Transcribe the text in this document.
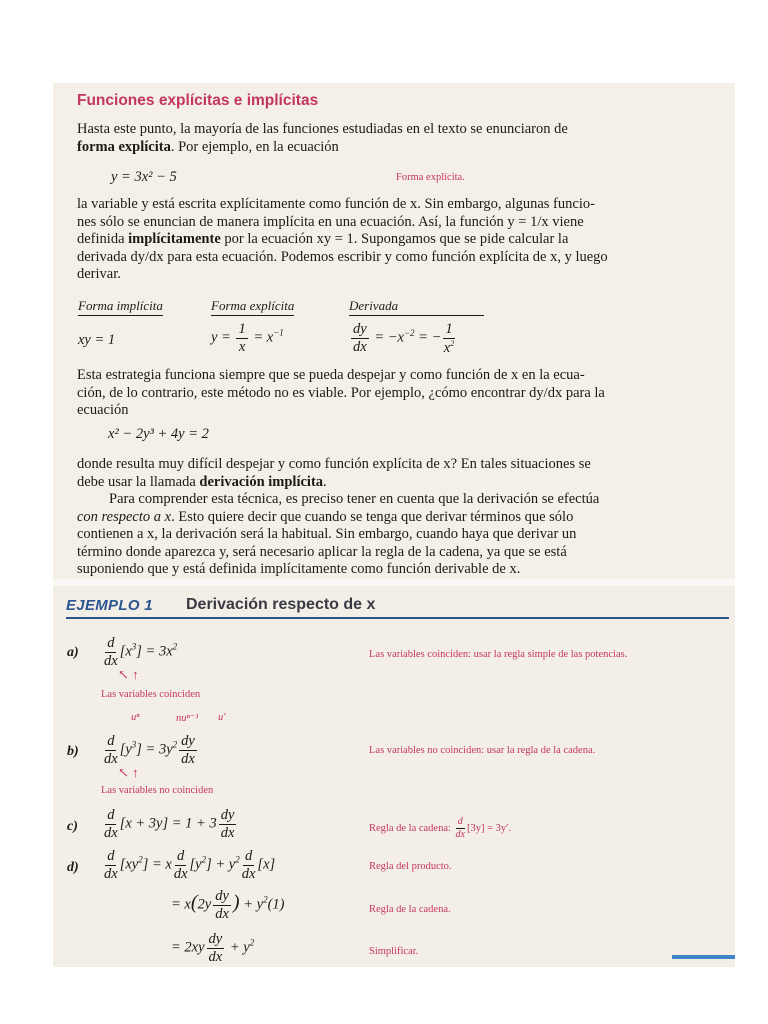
Funciones explícitas e implícitas
Hasta este punto, la mayoría de las funciones estudiadas en el texto se enunciaron de
forma explícita. Por ejemplo, en la ecuación
y = 3x² − 5	Forma explícita.
la variable y está escrita explícitamente como función de x. Sin embargo, algunas funcio-
nes sólo se enuncian de manera implícita en una ecuación. Así, la función y = 1/x viene
definida implícitamente por la ecuación xy = 1. Supongamos que se pide calcular la
derivada dy/dx para esta ecuación. Podemos escribir y como función explícita de x, y luego
derivar.
Forma implícita	Forma explícita	Derivada
xy = 1	$y = \frac{1}{x} = x^{-1}$	$\frac{dy}{dx} = -x^{-2}$ = − $\frac{1}{x^2}$
Esta estrategia funciona siempre que se pueda despejar y como función de x en la ecua-
ción, de lo contrario, este método no es viable. Por ejemplo, ¿cómo encontrar dy/dx para la
ecuación
x² − 2y³ + 4y = 2
donde resulta muy difícil despejar y como función explícita de x? En tales situaciones se
debe usar la llamada derivación implícita.
Para comprender esta técnica, es preciso tener en cuenta que la derivación se efectúa
con respecto a x. Esto quiere decir que cuando se tenga que derivar términos que sólo
contienen a x, la derivación será la habitual. Sin embargo, cuando haya que derivar un
término donde aparezca y, será necesario aplicar la regla de la cadena, ya que se está
suponiendo que y está definida implícitamente como función derivable de x.
EJEMPLO 1 Derivación respecto de x
$a) \frac{d}{dx} [x^3] = 3x^2$
Las variables coinciden: usar la regla simple de las potencias.
↖ ↑
Las variables coinciden
uⁿ	nuⁿ⁻¹ u′
$b) \frac{d}{dx} [y^3] = 3y^2 \frac{dy}{dx}$	Las variables no coinciden: usar la regla de la cadena.
↖ ↑
Las variables no coinciden
$c) \frac{d}{dx} [x + 3y] = 1 + 3 \frac{dy}{dx}$	Regla de la cadena: $\frac{d}{dx} [3y] = 3y'$.
$d) \frac{d}{dx} [xy^2] = x \frac{d}{dx} [y^2] + y^2 \frac{d}{dx} [x]$	Regla del producto.
= $x(2y \frac{dy}{dx}$ ) + $y^2(1)$	Regla de la cadena.
= $2xy \frac{dy}{dx} + y^2$
Simplificar.
